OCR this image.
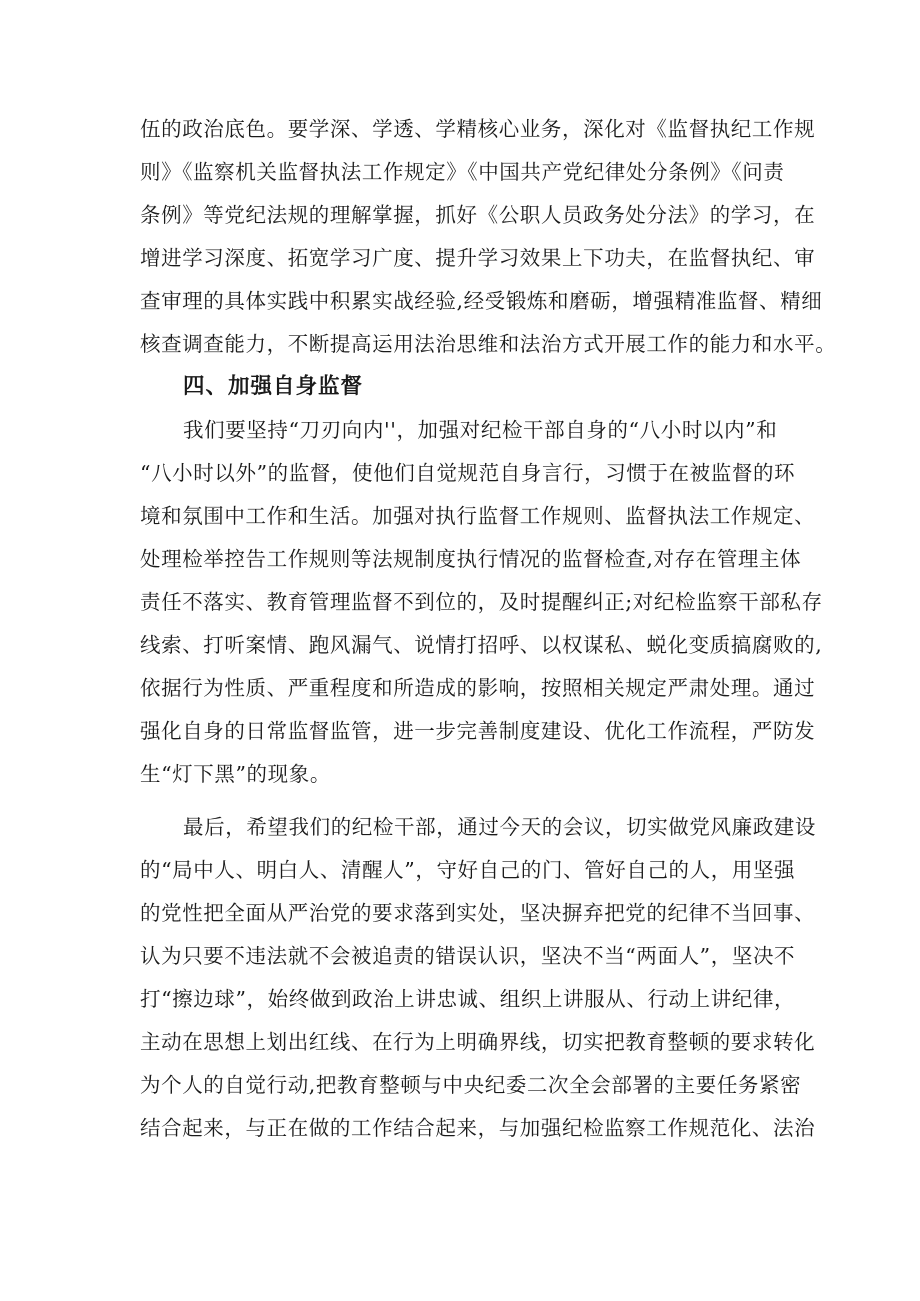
伍的政治底色。要学深、学透、学精核心业务，深化对《监督执纪工作规
则》《监察机关监督执法工作规定》《中国共产党纪律处分条例》《问责
条例》等党纪法规的理解掌握，抓好《公职人员政务处分法》的学习，在
增进学习深度、拓宽学习广度、提升学习效果上下功夫，在监督执纪、审
查审理的具体实践中积累实战经验,经受锻炼和磨砺，增强精准监督、精细
核查调查能力，不断提高运用法治思维和法治方式开展工作的能力和水平。
四、加强自身监督
我们要坚持“刀刃向内''，加强对纪检干部自身的“八小时以内”和
“八小时以外”的监督，使他们自觉规范自身言行，习惯于在被监督的环
境和氛围中工作和生活。加强对执行监督工作规则、监督执法工作规定、
处理检举控告工作规则等法规制度执行情况的监督检查,对存在管理主体
责任不落实、教育管理监督不到位的，及时提醒纠正;对纪检监察干部私存
线索、打听案情、跑风漏气、说情打招呼、以权谋私、蜕化变质搞腐败的,
依据行为性质、严重程度和所造成的影响，按照相关规定严肃处理。通过
强化自身的日常监督监管，进一步完善制度建设、优化工作流程，严防发
生“灯下黑”的现象。
最后，希望我们的纪检干部，通过今天的会议，切实做党风廉政建设
的“局中人、明白人、清醒人”，守好自己的门、管好自己的人，用坚强
的党性把全面从严治党的要求落到实处，坚决摒弃把党的纪律不当回事、
认为只要不违法就不会被追责的错误认识，坚决不当“两面人”，坚决不
打“擦边球”，始终做到政治上讲忠诚、组织上讲服从、行动上讲纪律，
主动在思想上划出红线、在行为上明确界线，切实把教育整顿的要求转化
为个人的自觉行动,把教育整顿与中央纪委二次全会部署的主要任务紧密
结合起来，与正在做的工作结合起来，与加强纪检监察工作规范化、法治
